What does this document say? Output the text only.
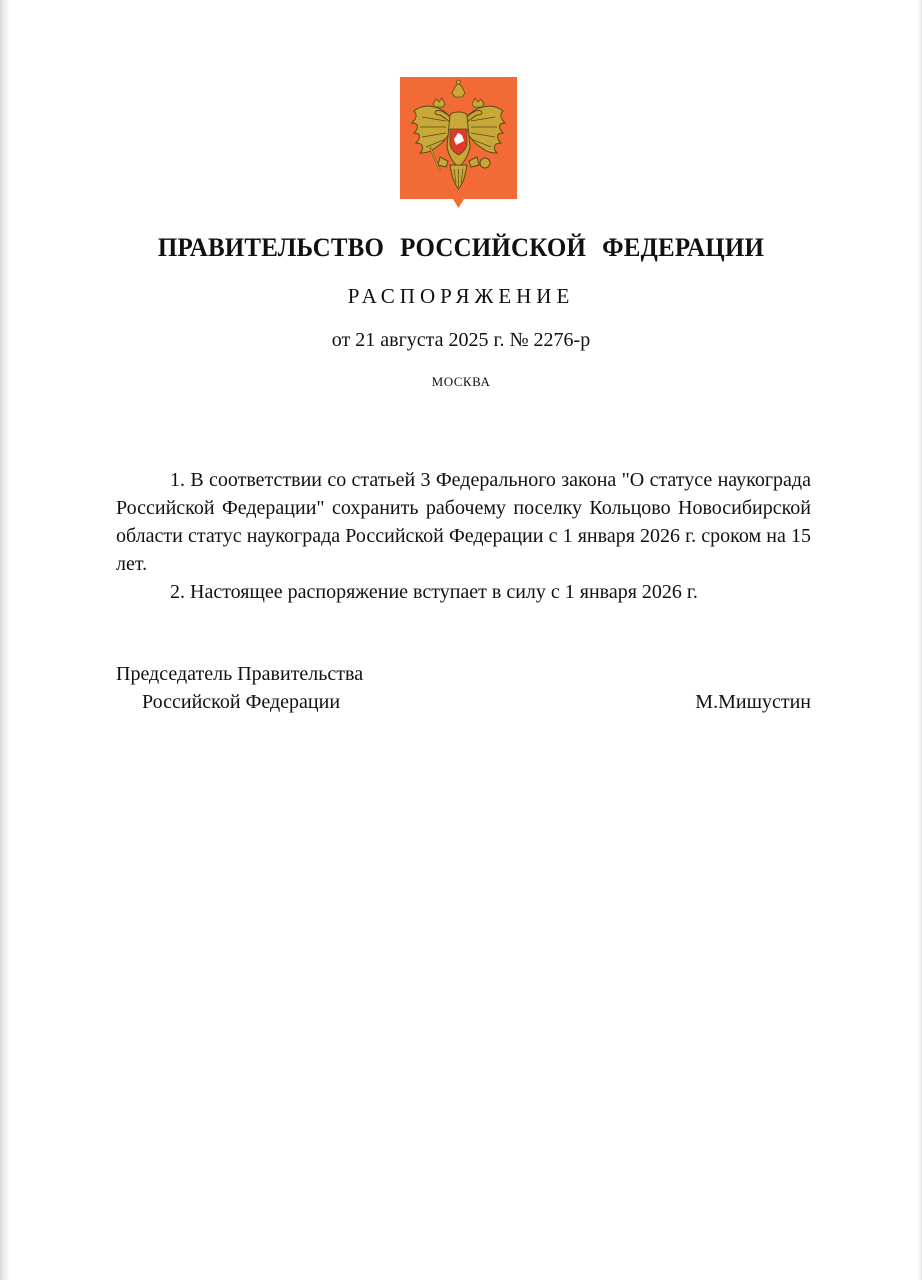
ПРАВИТЕЛЬСТВО РОССИЙСКОЙ ФЕДЕРАЦИИ
РАСПОРЯЖЕНИЕ
от 21 августа 2025 г. № 2276-р
МОСКВА

1. В соответствии со статьей 3 Федерального закона "О статусе наукограда Российской Федерации" сохранить рабочему поселку Кольцово Новосибирской области статус наукограда Российской Федерации с 1 января 2026 г. сроком на 15 лет.

2. Настоящее распоряжение вступает в силу с 1 января 2026 г.

Председатель Правительства
Российской Федерации	М.Мишустин
